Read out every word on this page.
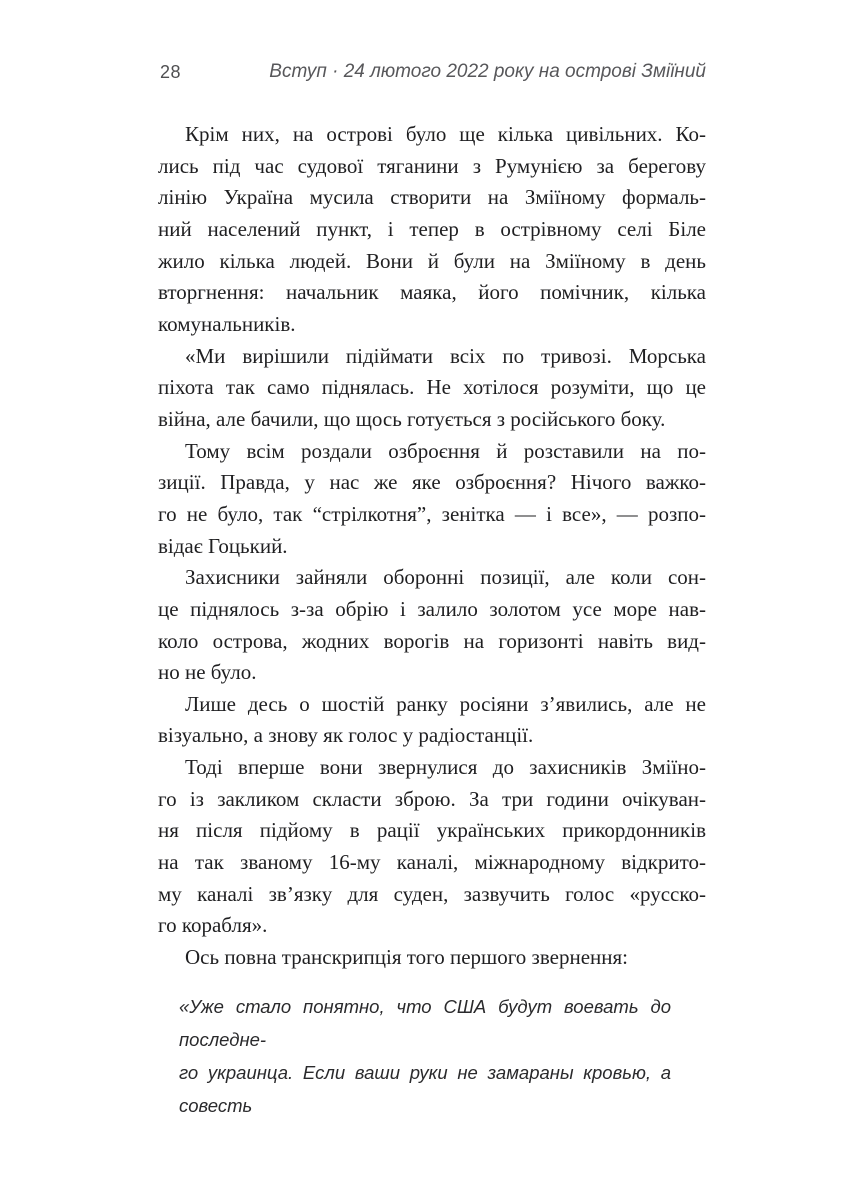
28	Вступ · 24 лютого 2022 року на острові Зміїний
Крім них, на острові було ще кілька цивільних. Ко-
лись під час судової тяганини з Румунією за берегову
лінію Україна мусила створити на Зміїному формаль-
ний населений пункт, і тепер в острівному селі Біле
жило кілька людей. Вони й були на Зміїному в день
вторгнення: начальник маяка, його помічник, кілька
комунальників.
«Ми вирішили підіймати всіх по тривозі. Морська
піхота так само піднялась. Не хотілося розуміти, що це
війна, але бачили, що щось готується з російського боку.
Тому всім роздали озброєння й розставили на по-
зиції. Правда, у нас же яке озброєння? Нічого важко-
го не було, так “стрілкотня”, зенітка — і все», — розпо-
відає Гоцький.
Захисники зайняли оборонні позиції, але коли сон-
це піднялось з-за обрію і залило золотом усе море нав-
коло острова, жодних ворогів на горизонті навіть вид-
но не було.
Лише десь о шостій ранку росіяни з’явились, але не
візуально, а знову як голос у радіостанції.
Тоді вперше вони звернулися до захисників Зміїно-
го із закликом скласти зброю. За три години очікуван-
ня після підйому в рації українських прикордонників
на так званому 16-му каналі, міжнародному відкрито-
му каналі зв’язку для суден, зазвучить голос «русско-
го корабля».
Ось повна транскрипція того першого звернення:
«Уже стало понятно, что США будут воевать до последне-
го украинца. Если ваши руки не замараны кровью, а совесть
